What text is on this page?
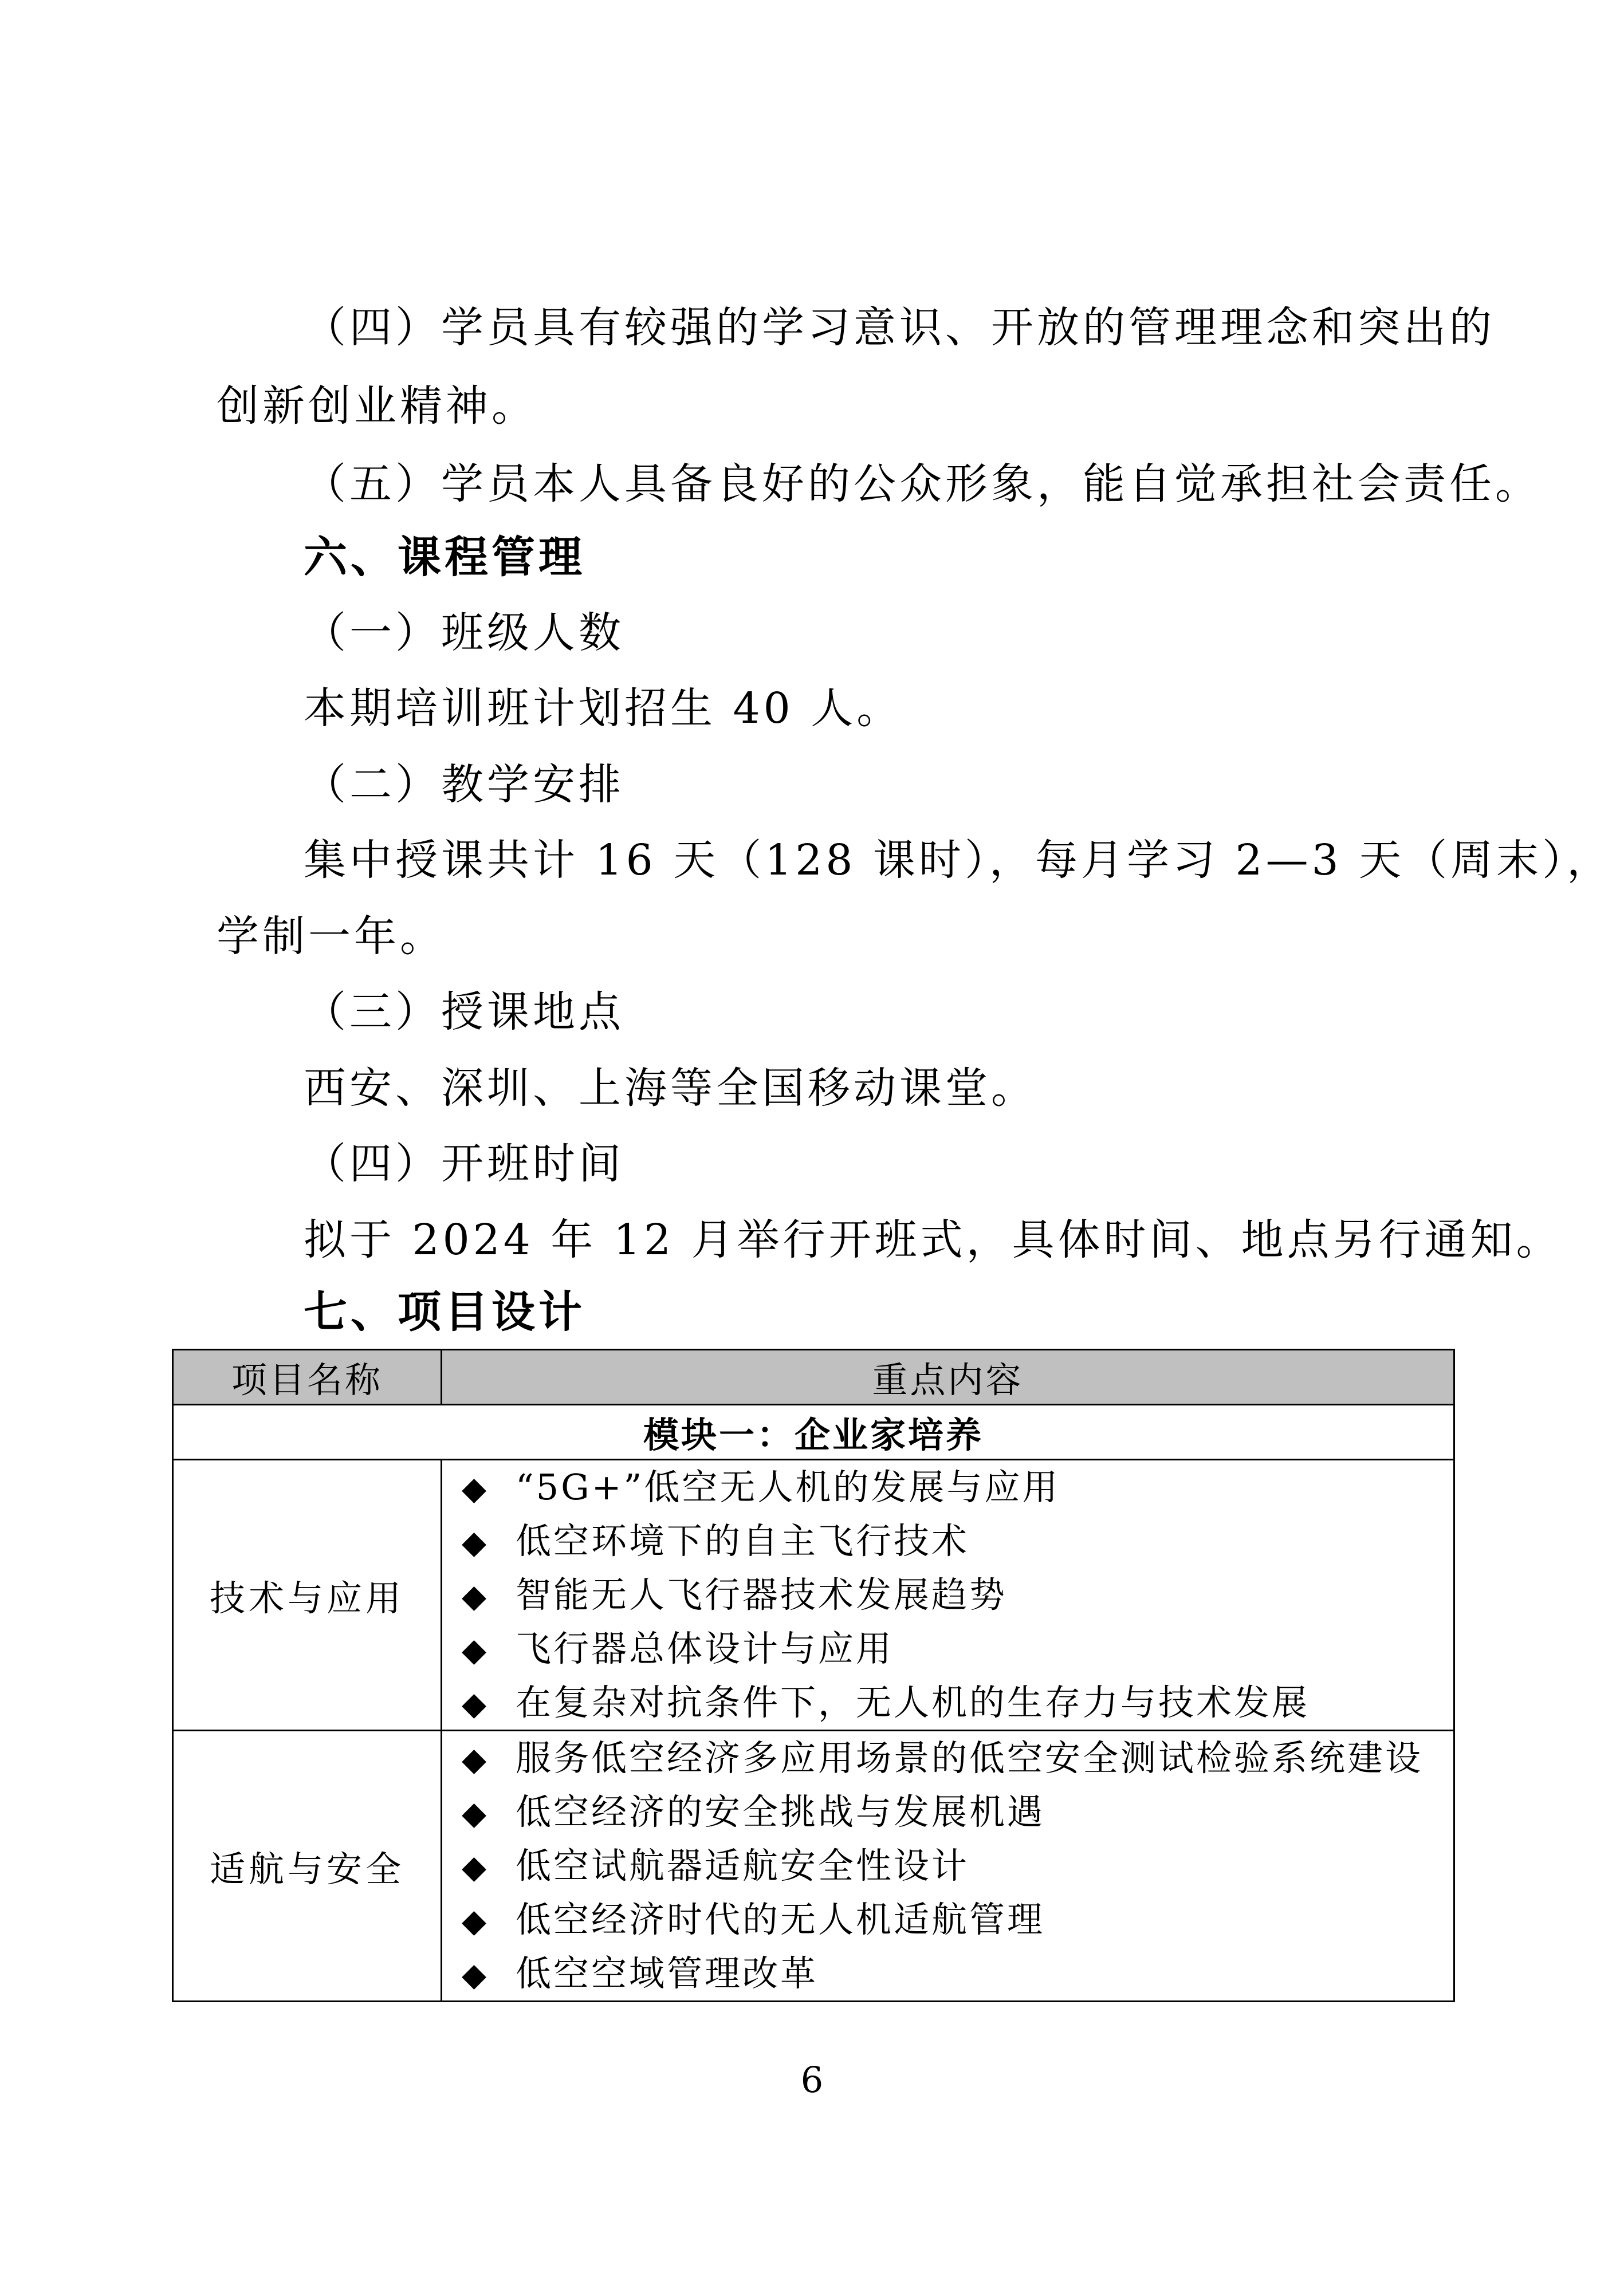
（四）学员具有较强的学习意识、开放的管理理念和突出的
创新创业精神。
（五）学员本人具备良好的公众形象，能自觉承担社会责任。
六、课程管理
（一）班级人数
本期培训班计划招生 40 人。
（二）教学安排
集中授课共计 16 天（128 课时），每月学习 2—3 天（周末），
学制一年。
（三）授课地点
西安、深圳、上海等全国移动课堂。
（四）开班时间
拟于 2024 年 12 月举行开班式，具体时间、地点另行通知。
七、项目设计
项目名称	重点内容
模块一：企业家培养	
技术与应用	◆ “5G+”低空无人机的发展与应用
◆ 低空环境下的自主飞行技术
◆ 智能无人飞行器技术发展趋势
◆ 飞行器总体设计与应用
◆ 在复杂对抗条件下，无人机的生存力与技术发展

适航与安全	◆ 服务低空经济多应用场景的低空安全测试检验系统建设
◆ 低空经济的安全挑战与发展机遇
◆ 低空试航器适航安全性设计
◆ 低空经济时代的无人机适航管理
◆ 低空空域管理改革
6
